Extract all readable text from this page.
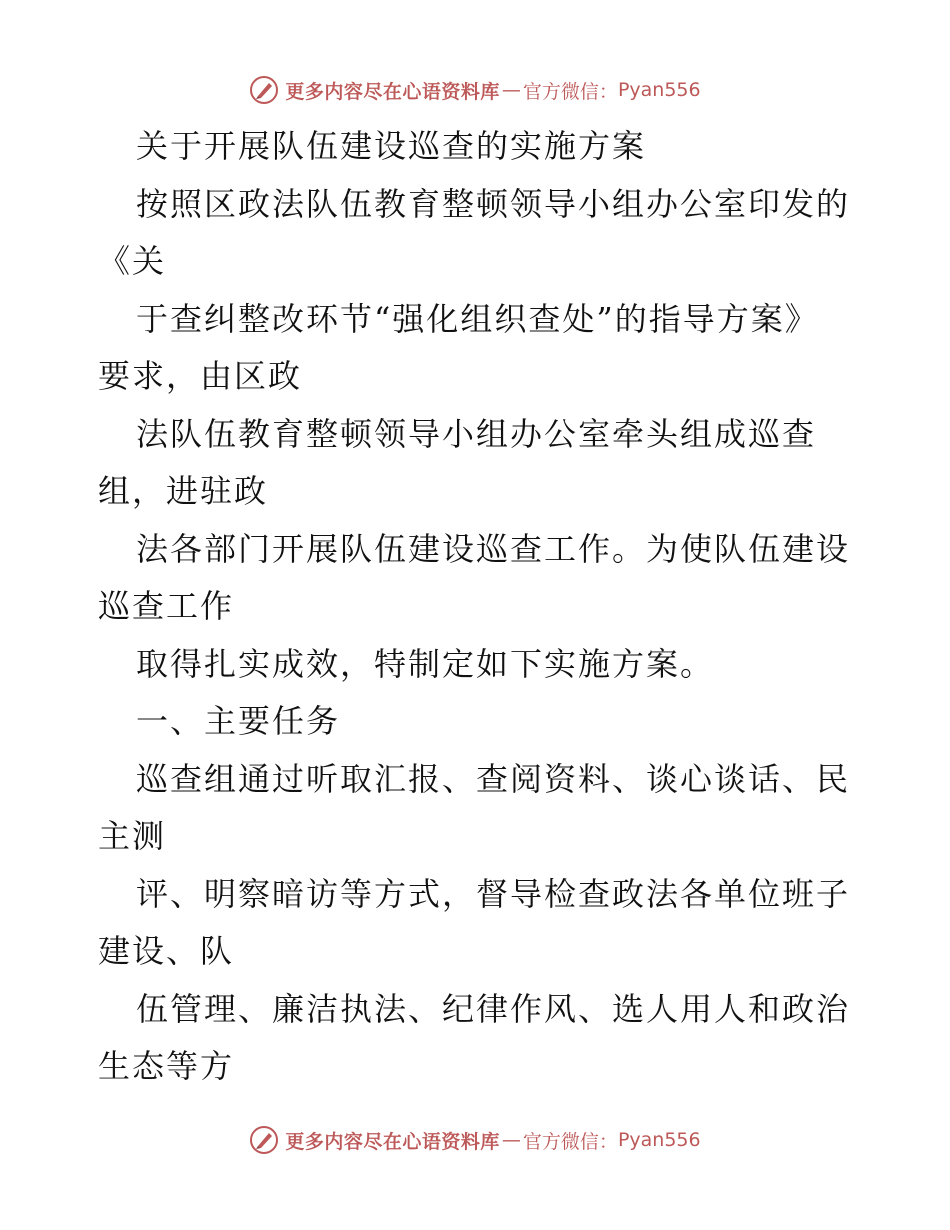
更多内容尽在心语资料库 — 官方微信： Pyan556
关于开展队伍建设巡查的实施方案
按照区政法队伍教育整顿领导小组办公室印发的
《关
于查纠整改环节“强化组织查处”的指导方案》
要求，由区政
法队伍教育整顿领导小组办公室牵头组成巡查
组，进驻政
法各部门开展队伍建设巡查工作。为使队伍建设
巡查工作
取得扎实成效，特制定如下实施方案。
一、主要任务
巡查组通过听取汇报、查阅资料、谈心谈话、民
主测
评、明察暗访等方式，督导检查政法各单位班子
建设、队
伍管理、廉洁执法、纪律作风、选人用人和政治
生态等方
更多内容尽在心语资料库 — 官方微信： Pyan556
